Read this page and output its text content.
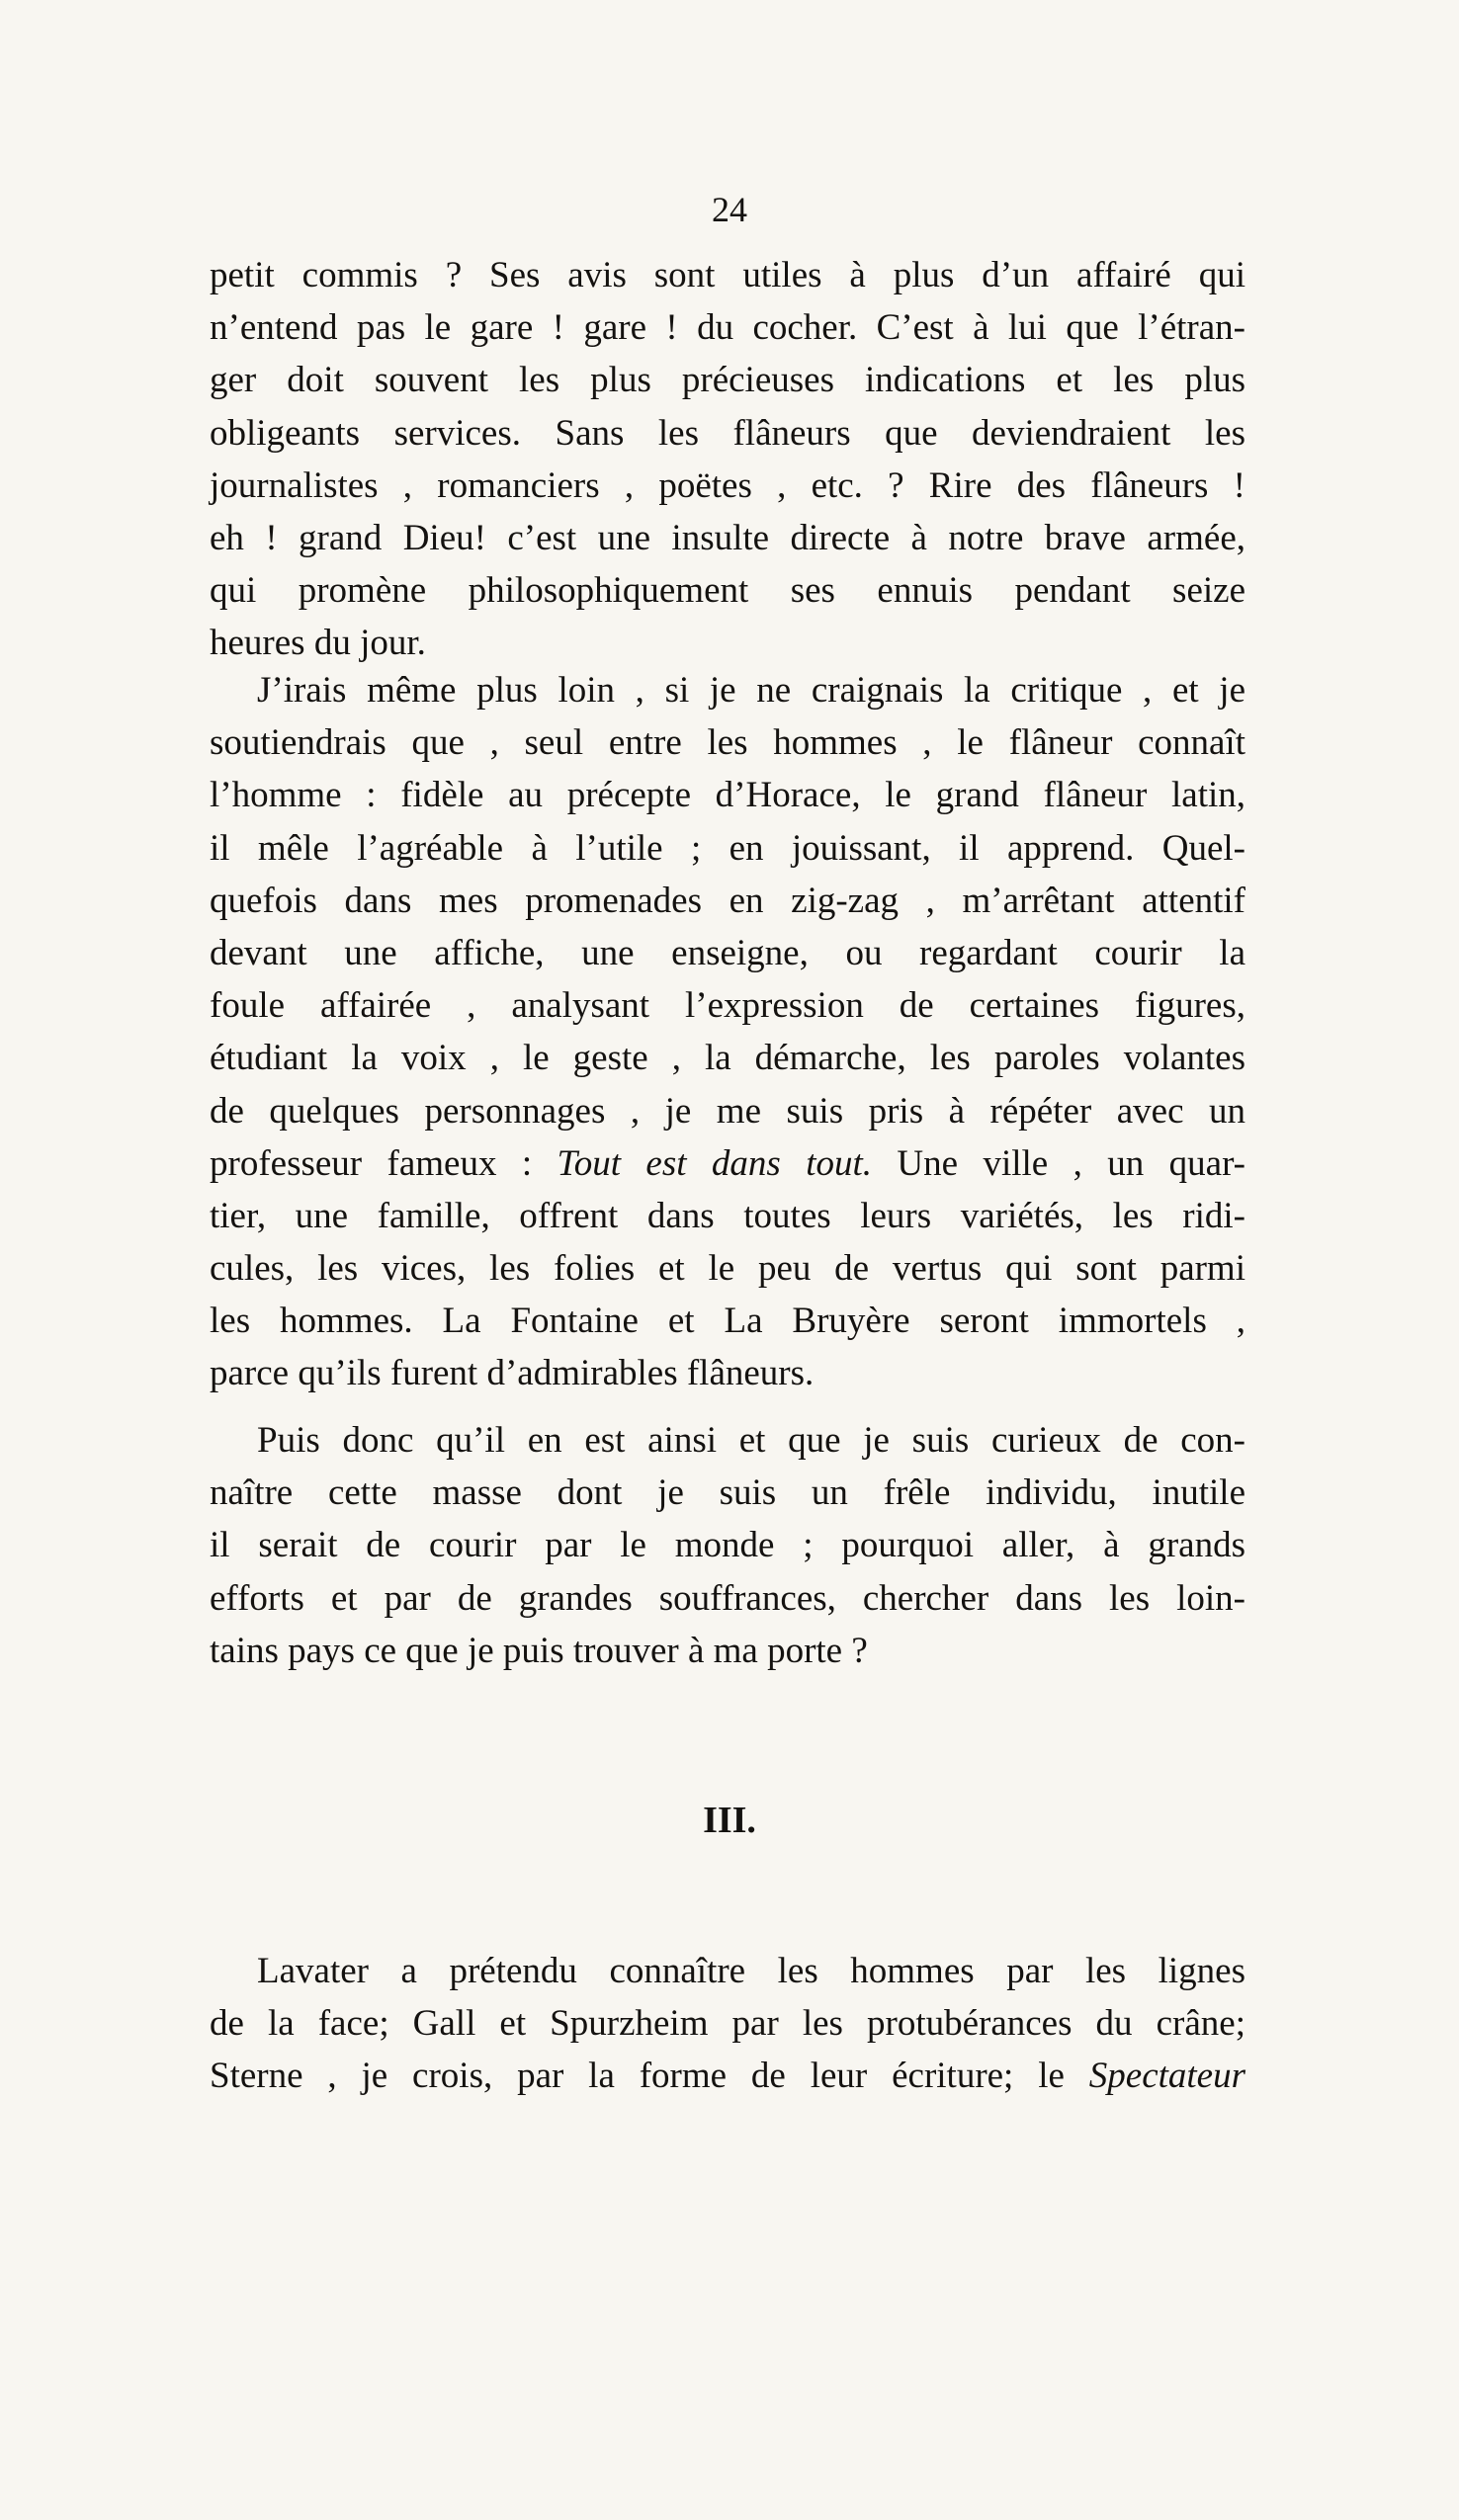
24
petit commis ? Ses avis sont utiles à plus d’un affairé qui
n’entend pas le gare ! gare ! du cocher. C’est à lui que l’étran-
ger doit souvent les plus précieuses indications et les plus
obligeants services. Sans les flâneurs que deviendraient les
journalistes , romanciers , poëtes , etc. ? Rire des flâneurs !
eh ! grand Dieu! c’est une insulte directe à notre brave armée,
qui promène philosophiquement ses ennuis pendant seize
heures du jour.
J’irais même plus loin , si je ne craignais la critique , et je
soutiendrais que , seul entre les hommes , le flâneur connaît
l’homme : fidèle au précepte d’Horace, le grand flâneur latin,
il mêle l’agréable à l’utile ; en jouissant, il apprend. Quel-
quefois dans mes promenades en zig-zag , m’arrêtant attentif
devant une affiche, une enseigne, ou regardant courir la
foule affairée , analysant l’expression de certaines figures,
étudiant la voix , le geste , la démarche, les paroles volantes
de quelques personnages , je me suis pris à répéter avec un
professeur fameux : Tout est dans tout. Une ville , un quar-
tier, une famille, offrent dans toutes leurs variétés, les ridi-
cules, les vices, les folies et le peu de vertus qui sont parmi
les hommes. La Fontaine et La Bruyère seront immortels ,
parce qu’ils furent d’admirables flâneurs.
Puis donc qu’il en est ainsi et que je suis curieux de con-
naître cette masse dont je suis un frêle individu, inutile
il serait de courir par le monde ; pourquoi aller, à grands
efforts et par de grandes souffrances, chercher dans les loin-
tains pays ce que je puis trouver à ma porte ?
III.
Lavater a prétendu connaître les hommes par les lignes
de la face; Gall et Spurzheim par les protubérances du crâne;
Sterne , je crois, par la forme de leur écriture; le Spectateur
